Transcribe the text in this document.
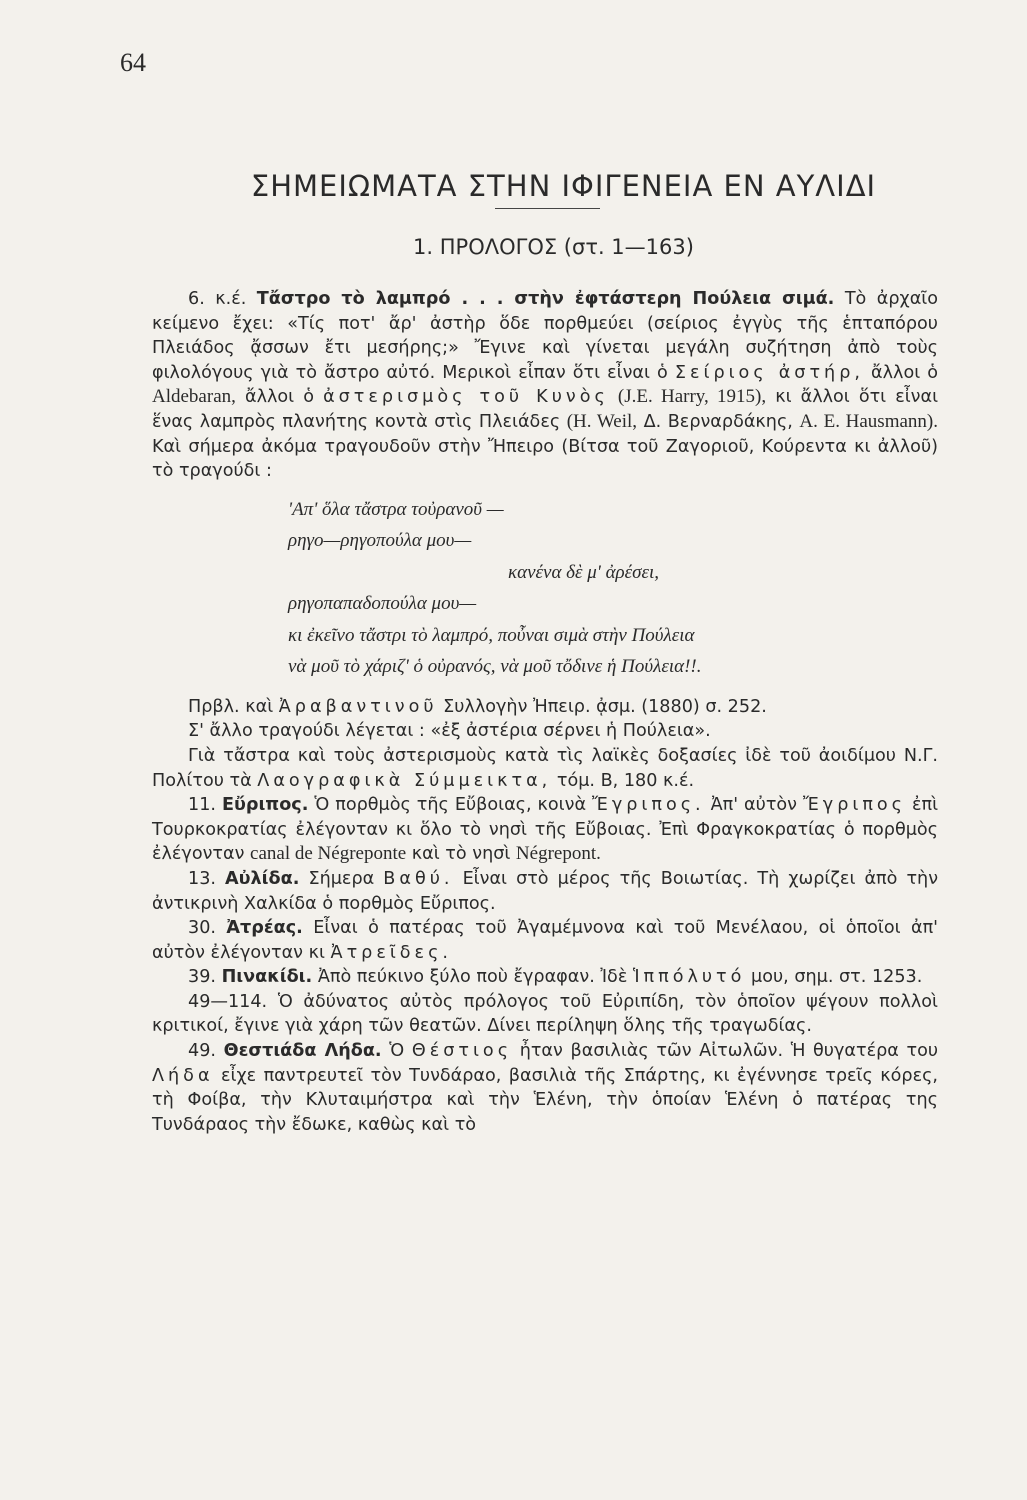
64
ΣΗΜΕΙΩΜΑΤΑ ΣΤΗΝ ΙΦΙΓΕΝΕΙΑ ΕΝ ΑΥΛΙΔΙ
1. ΠΡΟΛΟΓΟΣ (στ. 1—163)

6. κ.έ. Τἄστρο τὸ λαμπρό . . . στὴν ἐφτάστερη Πούλεια σιμά. Τὸ ἀρχαῖο κείμενο ἔχει: «Τίς ποτ' ἄρ' ἀστὴρ ὅδε πορθμεύει (σείριος ἐγγὺς τῆς ἑπταπόρου Πλειάδος ᾄσσων ἔτι μεσήρης;» Ἔγινε καὶ γίνεται μεγάλη συζήτηση ἀπὸ τοὺς φιλολόγους γιὰ τὸ ἄστρο αὐτό. Μερικοὶ εἶπαν ὅτι εἶναι ὁ Σείριος ἀστήρ, ἄλλοι ὁ Aldebaran, ἄλλοι ὁ ἀστερισμὸς τοῦ Κυνὸς (J.E. Harry, 1915), κι ἄλλοι ὅτι εἶναι ἕνας λαμπρὸς πλανήτης κοντὰ στὶς Πλειάδες (H. Weil, Δ. Βερναρδάκης, A. E. Hausmann). Καὶ σήμερα ἀκόμα τραγουδοῦν στὴν Ἤπειρο (Βίτσα τοῦ Ζαγοριοῦ, Κούρεντα κι ἀλλοῦ) τὸ τραγούδι :

'Απ' ὅλα τἄστρα τοὐρανοῦ —
ρηγο—ρηγοπούλα μου—
κανένα δὲ μ' ἀρέσει,
ρηγοπαπαδοπούλα μου—
κι ἐκεῖνο τἄστρι τὸ λαμπρό, ποὖναι σιμὰ στὴν Πούλεια
νὰ μοῦ τὸ χάριζ' ὁ οὐρανός, νὰ μοῦ τὄδινε ἡ Πούλεια!!.

Πρβλ. καὶ Ἀραβαντινοῦ Συλλογὴν Ἠπειρ. ᾀσμ. (1880) σ. 252.

Σ' ἄλλο τραγούδι λέγεται : «ἐξ ἀστέρια σέρνει ἡ Πούλεια».

Γιὰ τἄστρα καὶ τοὺς ἀστερισμοὺς κατὰ τὶς λαϊκὲς δοξασίες ἰδὲ τοῦ ἀοιδίμου Ν.Γ. Πολίτου τὰ Λαογραφικὰ Σύμμεικτα, τόμ. Β, 180 κ.έ.

11. Εὔριπος. Ὁ πορθμὸς τῆς Εὔβοιας, κοινὰ Ἔγριπος. Ἀπ' αὐτὸν Ἔγριπος ἐπὶ Τουρκοκρατίας ἐλέγονταν κι ὅλο τὸ νησὶ τῆς Εὔβοιας. Ἐπὶ Φραγκοκρατίας ὁ πορθμὸς ἐλέγονταν canal de Négreponte καὶ τὸ νησὶ Négrepont.

13. Αὐλίδα. Σήμερα Βαθύ. Εἶναι στὸ μέρος τῆς Βοιωτίας. Τὴ χωρίζει ἀπὸ τὴν ἀντικρινὴ Χαλκίδα ὁ πορθμὸς Εὔριπος.

30. Ἀτρέας. Εἶναι ὁ πατέρας τοῦ Ἀγαμέμνονα καὶ τοῦ Μενέλαου, οἱ ὁποῖοι ἀπ' αὐτὸν ἐλέγονταν κι Ἀτρεῖδες.

39. Πινακίδι. Ἀπὸ πεύκινο ξύλο ποὺ ἔγραφαν. Ἰδὲ Ἱππόλυτό μου, σημ. στ. 1253.

49—114. Ὁ ἀδύνατος αὐτὸς πρόλογος τοῦ Εὐριπίδη, τὸν ὁποῖον ψέγουν πολλοὶ κριτικοί, ἔγινε γιὰ χάρη τῶν θεατῶν. Δίνει περίληψη ὅλης τῆς τραγωδίας.

49. Θεστιάδα Λήδα. Ὁ Θέστιος ἦταν βασιλιὰς τῶν Αἰτωλῶν. Ἡ θυγατέρα του Λήδα εἶχε παντρευτεῖ τὸν Τυνδάραο, βασιλιὰ τῆς Σπάρτης, κι ἐγέννησε τρεῖς κόρες, τὴ Φοίβα, τὴν Κλυταιμήστρα καὶ τὴν Ἑλένη, τὴν ὁποίαν Ἑλένη ὁ πατέρας της Τυνδάραος τὴν ἔδωκε, καθὼς καὶ τὸ
